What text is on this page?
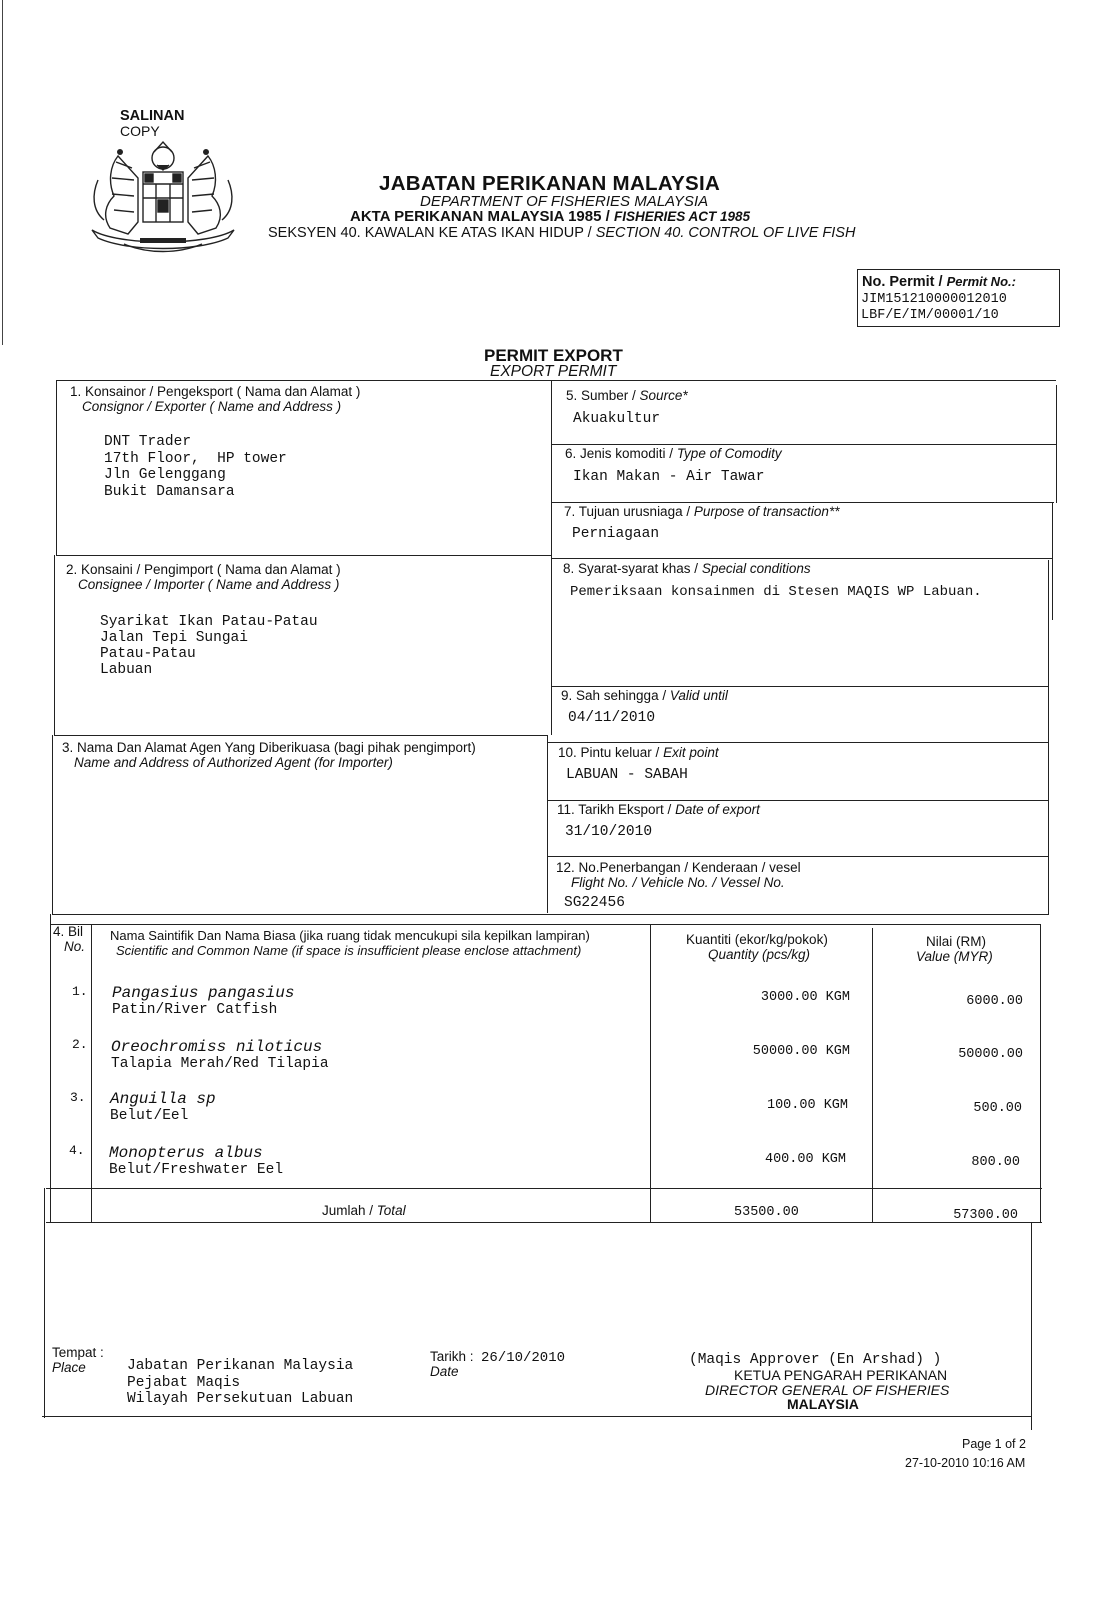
SALINAN
COPY
JABATAN PERIKANAN MALAYSIA
DEPARTMENT OF FISHERIES MALAYSIA
AKTA PERIKANAN MALAYSIA 1985 / FISHERIES ACT 1985
SEKSYEN 40. KAWALAN KE ATAS IKAN HIDUP / SECTION 40. CONTROL OF LIVE FISH
No. Permit / Permit No.:
JIM151210000012010
LBF/E/IM/00001/10
PERMIT EXPORT
EXPORT PERMIT
1. Konsainor / Pengeksport ( Nama dan Alamat )
Consignor / Exporter ( Name and Address )
DNT Trader
17th Floor,  HP tower
Jln Gelenggang
Bukit Damansara
2. Konsaini / Pengimport ( Nama dan Alamat )
Consignee / Importer ( Name and Address )
Syarikat Ikan Patau-Patau
Jalan Tepi Sungai
Patau-Patau
Labuan
3. Nama Dan Alamat Agen Yang Diberikuasa (bagi pihak pengimport)
Name and Address of Authorized Agent (for Importer)
5. Sumber / Source*
Akuakultur
6. Jenis komoditi / Type of Comodity
Ikan Makan - Air Tawar
7. Tujuan urusniaga / Purpose of transaction**
Perniagaan
8. Syarat-syarat khas / Special conditions
Pemeriksaan konsainmen di Stesen MAQIS WP Labuan.
9. Sah sehingga / Valid until
04/11/2010
10. Pintu keluar / Exit point
LABUAN - SABAH
11. Tarikh Eksport / Date of export
31/10/2010
12. No.Penerbangan / Kenderaan / vesel
Flight No. / Vehicle No. / Vessel No.
SG22456
4. Bil
No.
Nama Saintifik Dan Nama Biasa (jika ruang tidak mencukupi sila kepilkan lampiran)
Scientific and Common Name (if space is insufficient please enclose attachment)
Kuantiti (ekor/kg/pokok)
Quantity (pcs/kg)
Nilai (RM)
Value (MYR)
1. Pangasius pangasius
Patin/River Catfish
3000.00 KGM	6000.00
2. Oreochromiss niloticus
Talapia Merah/Red Tilapia
50000.00 KGM	50000.00
3. Anguilla sp
Belut/Eel
100.00 KGM	500.00
4. Monopterus albus
Belut/Freshwater Eel
400.00 KGM	800.00
Jumlah / Total	53500.00	57300.00
Tempat :
Place	Jabatan Perikanan Malaysia
Pejabat Maqis
Wilayah Persekutuan Labuan
Tarikh : 26/10/2010
Date
(Maqis Approver (En Arshad) )
KETUA PENGARAH PERIKANAN
DIRECTOR GENERAL OF FISHERIES
MALAYSIA
Page 1 of 2
27-10-2010 10:16 AM
